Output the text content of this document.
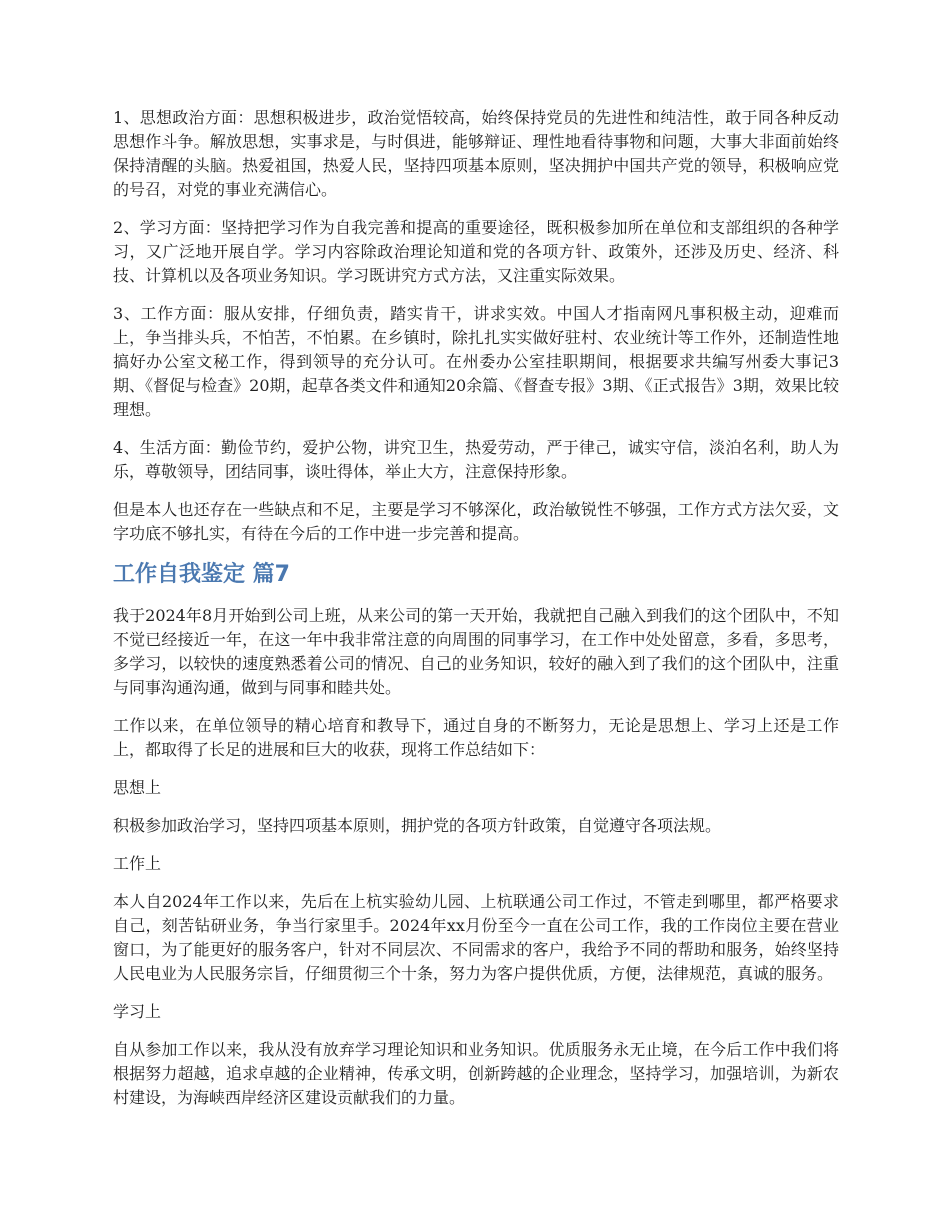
1、思想政治方面：思想积极进步，政治觉悟较高，始终保持党员的先进性和纯洁性，敢于同各种反动思想作斗争。解放思想，实事求是，与时俱进，能够辩证、理性地看待事物和问题，大事大非面前始终保持清醒的头脑。热爱祖国，热爱人民，坚持四项基本原则，坚决拥护中国共产党的领导，积极响应党的号召，对党的事业充满信心。

2、学习方面：坚持把学习作为自我完善和提高的重要途径，既积极参加所在单位和支部组织的各种学习，又广泛地开展自学。学习内容除政治理论知道和党的各项方针、政策外，还涉及历史、经济、科技、计算机以及各项业务知识。学习既讲究方式方法，又注重实际效果。

3、工作方面：服从安排，仔细负责，踏实肯干，讲求实效。中国人才指南网凡事积极主动，迎难而上，争当排头兵，不怕苦，不怕累。在乡镇时，除扎扎实实做好驻村、农业统计等工作外，还制造性地搞好办公室文秘工作，得到领导的充分认可。在州委办公室挂职期间，根据要求共编写州委大事记3期、《督促与检查》20期，起草各类文件和通知20余篇、《督查专报》3期、《正式报告》3期，效果比较理想。

4、生活方面：勤俭节约，爱护公物，讲究卫生，热爱劳动，严于律己，诚实守信，淡泊名利，助人为乐，尊敬领导，团结同事，谈吐得体，举止大方，注意保持形象。

但是本人也还存在一些缺点和不足，主要是学习不够深化，政治敏锐性不够强，工作方式方法欠妥，文字功底不够扎实，有待在今后的工作中进一步完善和提高。

工作自我鉴定 篇7

我于2024年8月开始到公司上班，从来公司的第一天开始，我就把自己融入到我们的这个团队中，不知不觉已经接近一年，在这一年中我非常注意的向周围的同事学习，在工作中处处留意，多看，多思考，多学习，以较快的速度熟悉着公司的情况、自己的业务知识，较好的融入到了我们的这个团队中，注重与同事沟通沟通，做到与同事和睦共处。

工作以来，在单位领导的精心培育和教导下，通过自身的不断努力，无论是思想上、学习上还是工作上，都取得了长足的进展和巨大的收获，现将工作总结如下：

思想上

积极参加政治学习，坚持四项基本原则，拥护党的各项方针政策，自觉遵守各项法规。

工作上

本人自2024年工作以来，先后在上杭实验幼儿园、上杭联通公司工作过，不管走到哪里，都严格要求自己，刻苦钻研业务，争当行家里手。2024年xx月份至今一直在公司工作，我的工作岗位主要在营业窗口，为了能更好的服务客户，针对不同层次、不同需求的客户，我给予不同的帮助和服务，始终坚持人民电业为人民服务宗旨，仔细贯彻三个十条，努力为客户提供优质，方便，法律规范，真诚的服务。

学习上

自从参加工作以来，我从没有放弃学习理论知识和业务知识。优质服务永无止境，在今后工作中我们将根据努力超越，追求卓越的企业精神，传承文明，创新跨越的企业理念，坚持学习，加强培训，为新农村建设，为海峡西岸经济区建设贡献我们的力量。
